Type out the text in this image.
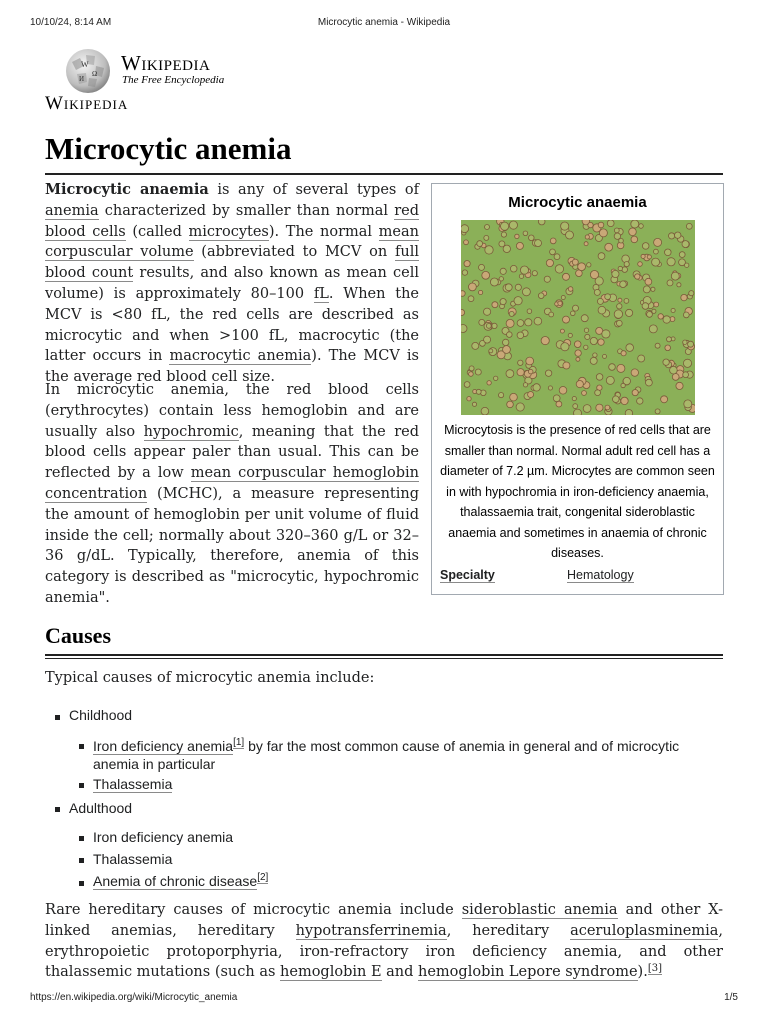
10/10/24, 8:14 AM	Microcytic anemia - Wikipedia
W
Ω
И
Wikipedia
The Free Encyclopedia
Wikipedia
Microcytic anemia

Microcytic anaemia is any of several types of anemia characterized by smaller than normal red blood cells (called microcytes). The normal mean corpuscular volume (abbreviated to MCV on full blood count results, and also known as mean cell volume) is approximately 80–100 fL. When the MCV is <80 fL, the red cells are described as microcytic and when >100 fL, macrocytic (the latter occurs in macrocytic anemia). The MCV is the average red blood cell size.

In microcytic anemia, the red blood cells (erythrocytes) contain less hemoglobin and are usually also hypochromic, meaning that the red blood cells appear paler than usual. This can be reflected by a low mean corpuscular hemoglobin concentration (MCHC), a measure representing the amount of hemoglobin per unit volume of fluid inside the cell; normally about 320–360 g/L or 32–36 g/dL. Typically, therefore, anemia of this category is described as "microcytic, hypochromic anemia".

Microcytic anaemia
Microcytosis is the presence of red cells that are smaller than normal. Normal adult red cell has a diameter of 7.2 µm. Microcytes are common seen in with hypochromia in iron-deficiency anaemia, thalassaemia trait, congenital sideroblastic anaemia and sometimes in anaemia of chronic diseases.
Specialty	Hematology
Causes

Typical causes of microcytic anemia include:

Childhood
Iron deficiency anemia[1] by far the most common cause of anemia in general and of microcytic anemia in particular
Thalassemia
Adulthood
Iron deficiency anemia
Thalassemia
Anemia of chronic disease[2]

Rare hereditary causes of microcytic anemia include sideroblastic anemia and other X-linked anemias, hereditary hypotransferrinemia, hereditary aceruloplasminemia, erythropoietic protoporphyria, iron-refractory iron deficiency anemia, and other thalassemic mutations (such as hemoglobin E and hemoglobin Lepore syndrome).[3]

https://en.wikipedia.org/wiki/Microcytic_anemia	1/5
